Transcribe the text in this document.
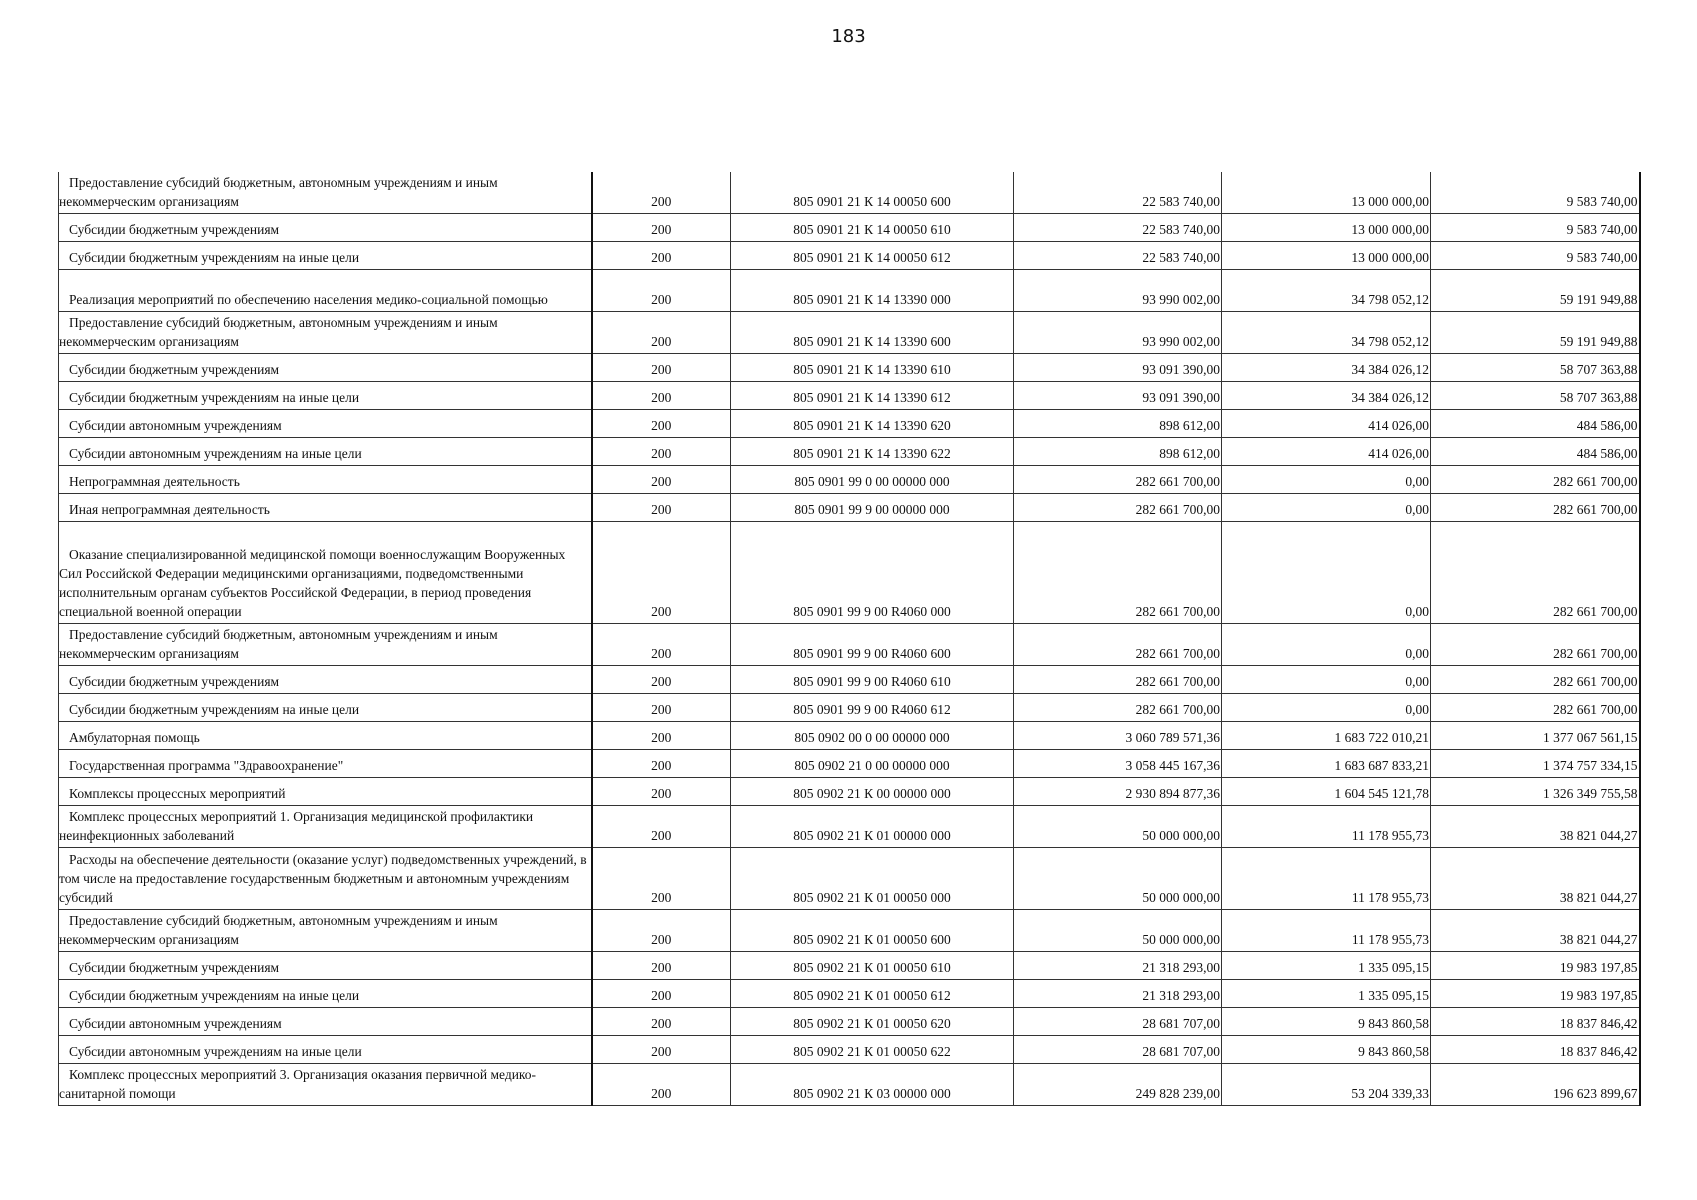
183
Предоставление субсидий бюджетным, автономным учреждениям и иным некоммерческим организациям	200	805 0901 21 К 14 00050 600	22 583 740,00	13 000 000,00	9 583 740,00
Субсидии бюджетным учреждениям	200	805 0901 21 К 14 00050 610	22 583 740,00	13 000 000,00	9 583 740,00
Субсидии бюджетным учреждениям на иные цели	200	805 0901 21 К 14 00050 612	22 583 740,00	13 000 000,00	9 583 740,00
Реализация мероприятий по обеспечению населения медико-социальной помощью	200	805 0901 21 К 14 13390 000	93 990 002,00	34 798 052,12	59 191 949,88
Предоставление субсидий бюджетным, автономным учреждениям и иным некоммерческим организациям	200	805 0901 21 К 14 13390 600	93 990 002,00	34 798 052,12	59 191 949,88
Субсидии бюджетным учреждениям	200	805 0901 21 К 14 13390 610	93 091 390,00	34 384 026,12	58 707 363,88
Субсидии бюджетным учреждениям на иные цели	200	805 0901 21 К 14 13390 612	93 091 390,00	34 384 026,12	58 707 363,88
Субсидии автономным учреждениям	200	805 0901 21 К 14 13390 620	898 612,00	414 026,00	484 586,00
Субсидии автономным учреждениям на иные цели	200	805 0901 21 К 14 13390 622	898 612,00	414 026,00	484 586,00
Непрограммная деятельность	200	805 0901 99 0 00 00000 000	282 661 700,00	0,00	282 661 700,00
Иная непрограммная деятельность	200	805 0901 99 9 00 00000 000	282 661 700,00	0,00	282 661 700,00
Оказание специализированной медицинской помощи военнослужащим Вооруженных Сил Российской Федерации медицинскими организациями, подведомственными исполнительным органам субъектов Российской Федерации, в период проведения специальной военной операции	200	805 0901 99 9 00 R4060 000	282 661 700,00	0,00	282 661 700,00
Предоставление субсидий бюджетным, автономным учреждениям и иным некоммерческим организациям	200	805 0901 99 9 00 R4060 600	282 661 700,00	0,00	282 661 700,00
Субсидии бюджетным учреждениям	200	805 0901 99 9 00 R4060 610	282 661 700,00	0,00	282 661 700,00
Субсидии бюджетным учреждениям на иные цели	200	805 0901 99 9 00 R4060 612	282 661 700,00	0,00	282 661 700,00
Амбулаторная помощь	200	805 0902 00 0 00 00000 000	3 060 789 571,36	1 683 722 010,21	1 377 067 561,15
Государственная программа "Здравоохранение"	200	805 0902 21 0 00 00000 000	3 058 445 167,36	1 683 687 833,21	1 374 757 334,15
Комплексы процессных мероприятий	200	805 0902 21 К 00 00000 000	2 930 894 877,36	1 604 545 121,78	1 326 349 755,58
Комплекс процессных мероприятий 1. Организация медицинской профилактики неинфекционных заболеваний	200	805 0902 21 К 01 00000 000	50 000 000,00	11 178 955,73	38 821 044,27
Расходы на обеспечение деятельности (оказание услуг) подведомственных учреждений, в том числе на предоставление государственным бюджетным и автономным учреждениям субсидий	200	805 0902 21 К 01 00050 000	50 000 000,00	11 178 955,73	38 821 044,27
Предоставление субсидий бюджетным, автономным учреждениям и иным некоммерческим организациям	200	805 0902 21 К 01 00050 600	50 000 000,00	11 178 955,73	38 821 044,27
Субсидии бюджетным учреждениям	200	805 0902 21 К 01 00050 610	21 318 293,00	1 335 095,15	19 983 197,85
Субсидии бюджетным учреждениям на иные цели	200	805 0902 21 К 01 00050 612	21 318 293,00	1 335 095,15	19 983 197,85
Субсидии автономным учреждениям	200	805 0902 21 К 01 00050 620	28 681 707,00	9 843 860,58	18 837 846,42
Субсидии автономным учреждениям на иные цели	200	805 0902 21 К 01 00050 622	28 681 707,00	9 843 860,58	18 837 846,42
Комплекс процессных мероприятий 3. Организация оказания первичной медико-санитарной помощи	200	805 0902 21 К 03 00000 000	249 828 239,00	53 204 339,33	196 623 899,67
